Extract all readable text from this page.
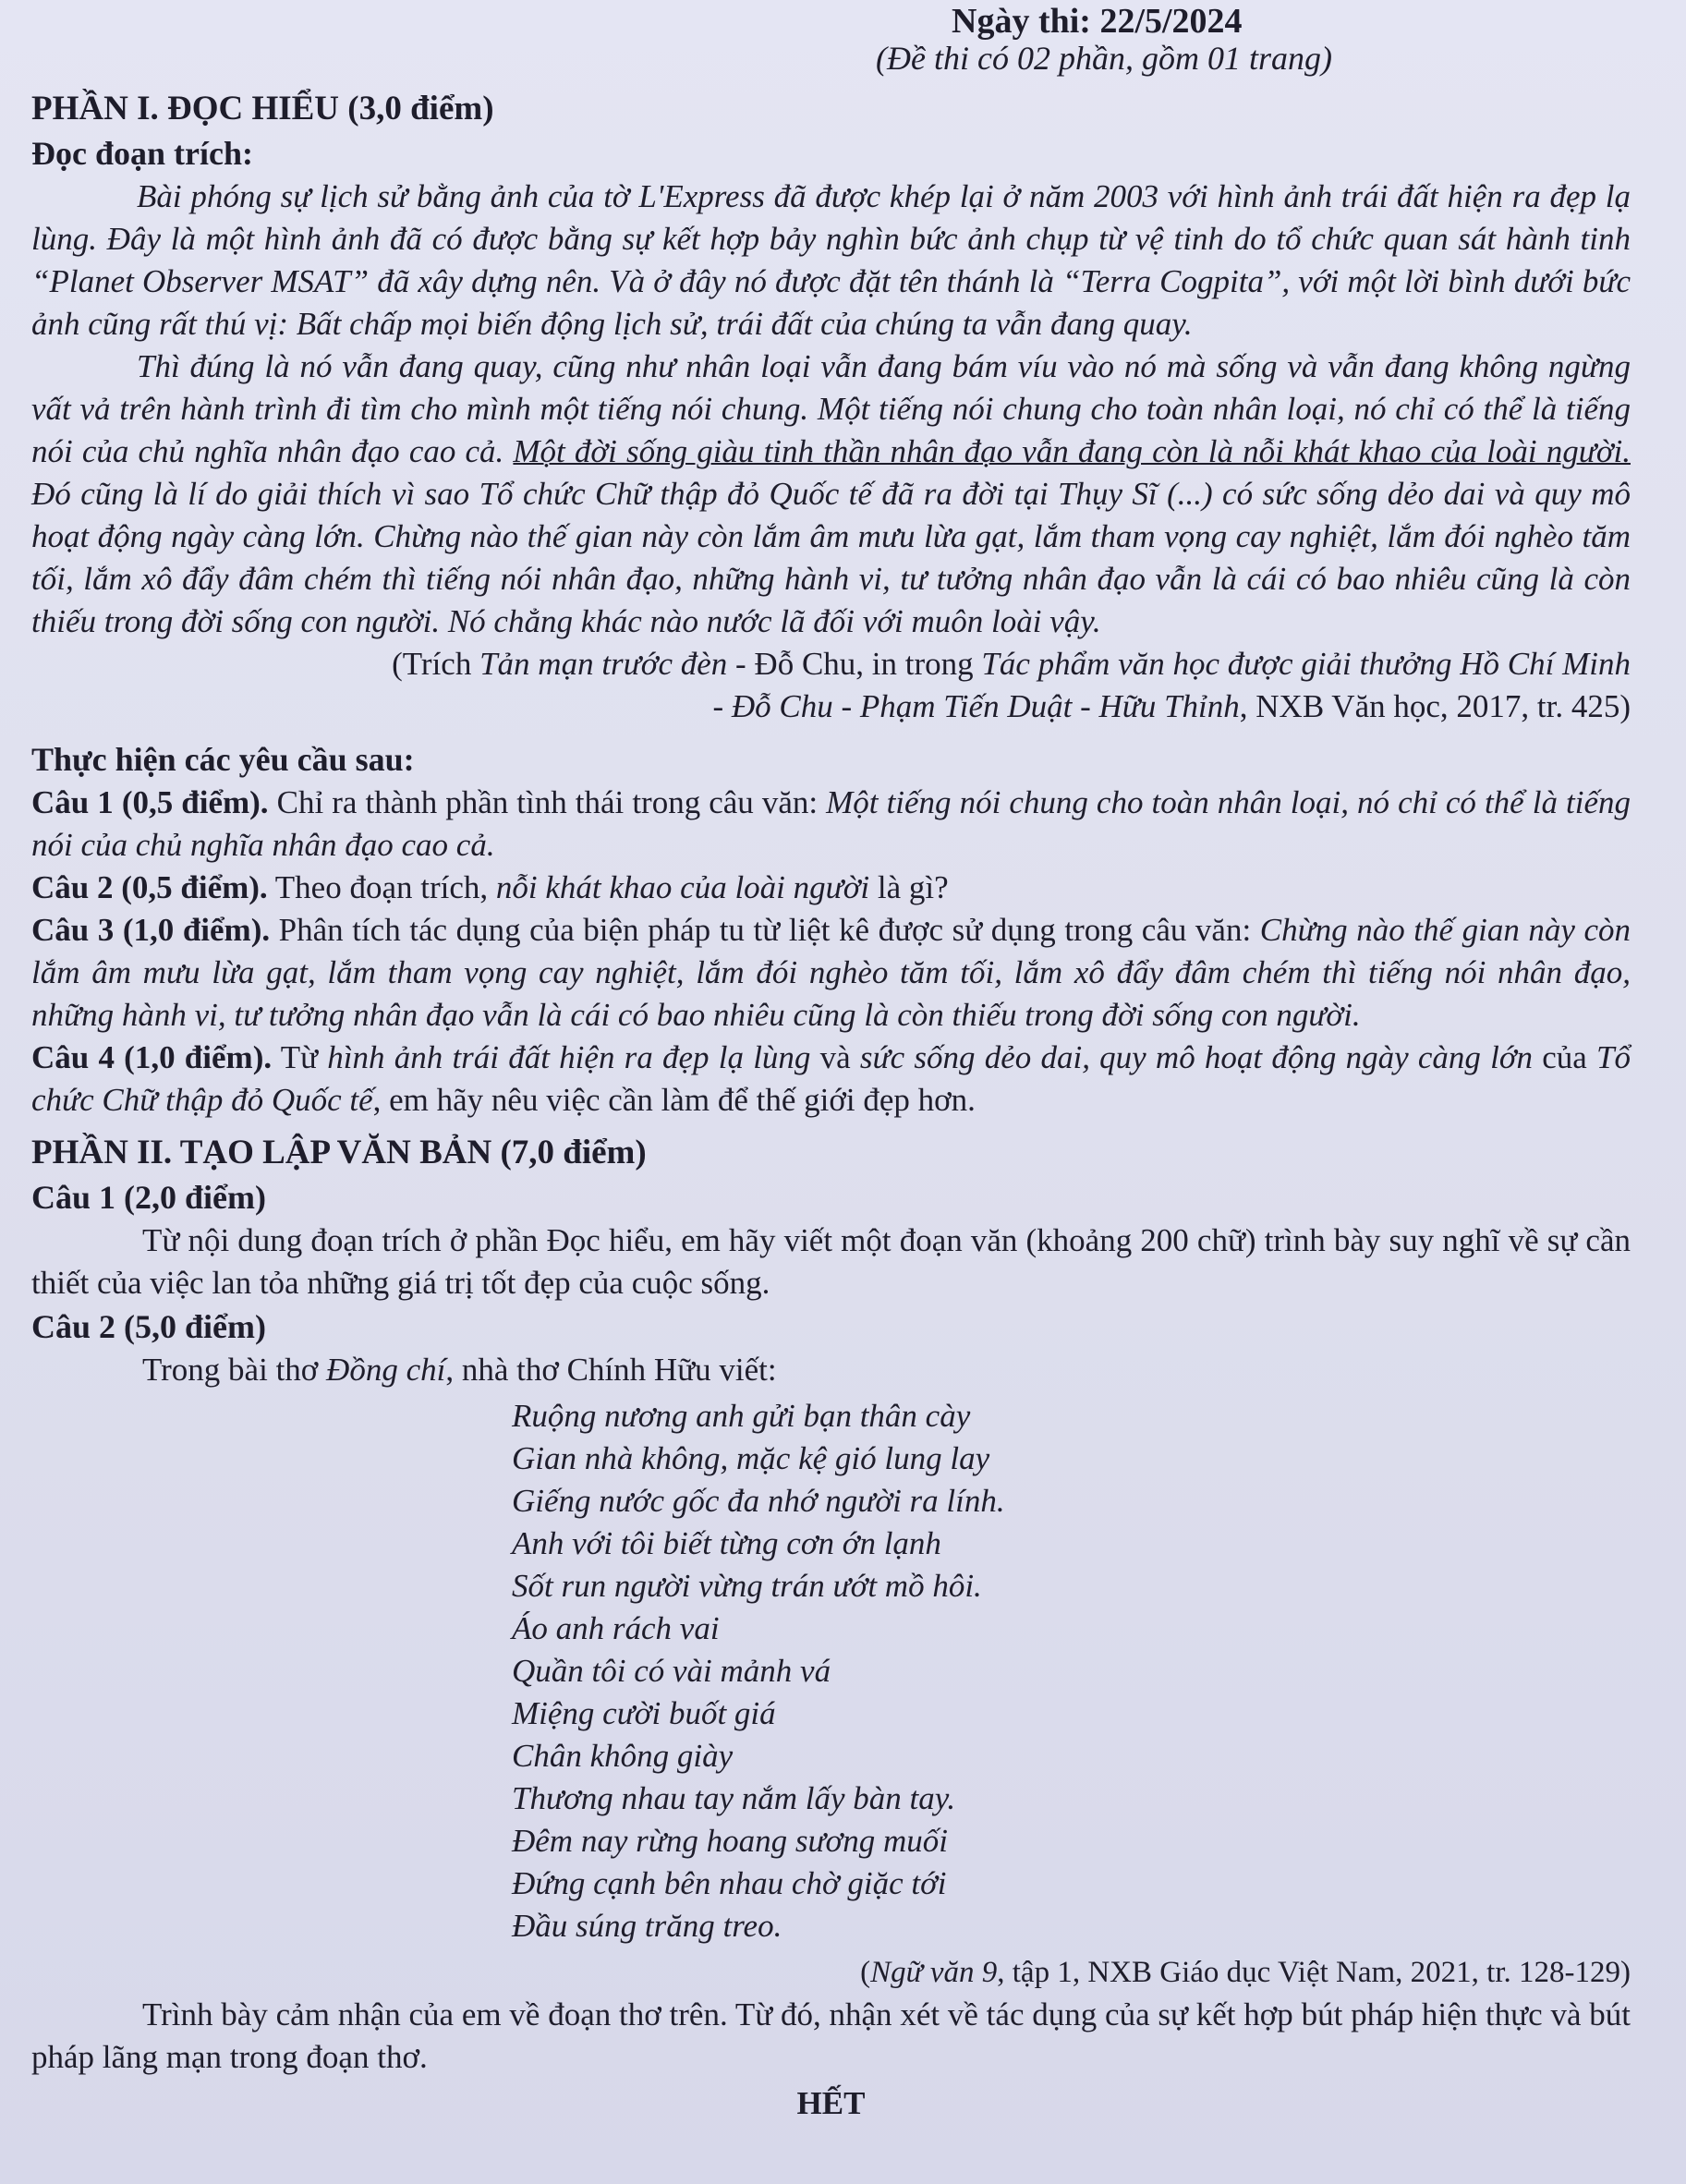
Ngày thi: 22/5/2024
(Đề thi có 02 phần, gồm 01 trang)
PHẦN I. ĐỌC HIỂU (3,0 điểm)
Đọc đoạn trích:

Bài phóng sự lịch sử bằng ảnh của tờ L'Express đã được khép lại ở năm 2003 với hình ảnh trái đất hiện ra đẹp lạ lùng. Đây là một hình ảnh đã có được bằng sự kết hợp bảy nghìn bức ảnh chụp từ vệ tinh do tổ chức quan sát hành tinh “Planet Observer MSAT” đã xây dựng nên. Và ở đây nó được đặt tên thánh là “Terra Cogpita”, với một lời bình dưới bức ảnh cũng rất thú vị: Bất chấp mọi biến động lịch sử, trái đất của chúng ta vẫn đang quay.

Thì đúng là nó vẫn đang quay, cũng như nhân loại vẫn đang bám víu vào nó mà sống và vẫn đang không ngừng vất vả trên hành trình đi tìm cho mình một tiếng nói chung. Một tiếng nói chung cho toàn nhân loại, nó chỉ có thể là tiếng nói của chủ nghĩa nhân đạo cao cả. Một đời sống giàu tinh thần nhân đạo vẫn đang còn là nỗi khát khao của loài người. Đó cũng là lí do giải thích vì sao Tổ chức Chữ thập đỏ Quốc tế đã ra đời tại Thụy Sĩ (...) có sức sống dẻo dai và quy mô hoạt động ngày càng lớn. Chừng nào thế gian này còn lắm âm mưu lừa gạt, lắm tham vọng cay nghiệt, lắm đói nghèo tăm tối, lắm xô đẩy đâm chém thì tiếng nói nhân đạo, những hành vi, tư tưởng nhân đạo vẫn là cái có bao nhiêu cũng là còn thiếu trong đời sống con người. Nó chẳng khác nào nước lã đối với muôn loài vậy.

(Trích Tản mạn trước đèn - Đỗ Chu, in trong Tác phẩm văn học được giải thưởng Hồ Chí Minh

- Đỗ Chu - Phạm Tiến Duật - Hữu Thỉnh, NXB Văn học, 2017, tr. 425)

Thực hiện các yêu cầu sau:

Câu 1 (0,5 điểm). Chỉ ra thành phần tình thái trong câu văn: Một tiếng nói chung cho toàn nhân loại, nó chỉ có thể là tiếng nói của chủ nghĩa nhân đạo cao cả.

Câu 2 (0,5 điểm). Theo đoạn trích, nỗi khát khao của loài người là gì?

Câu 3 (1,0 điểm). Phân tích tác dụng của biện pháp tu từ liệt kê được sử dụng trong câu văn: Chừng nào thế gian này còn lắm âm mưu lừa gạt, lắm tham vọng cay nghiệt, lắm đói nghèo tăm tối, lắm xô đẩy đâm chém thì tiếng nói nhân đạo, những hành vi, tư tưởng nhân đạo vẫn là cái có bao nhiêu cũng là còn thiếu trong đời sống con người.

Câu 4 (1,0 điểm). Từ hình ảnh trái đất hiện ra đẹp lạ lùng và sức sống dẻo dai, quy mô hoạt động ngày càng lớn của Tổ chức Chữ thập đỏ Quốc tế, em hãy nêu việc cần làm để thế giới đẹp hơn.

PHẦN II. TẠO LẬP VĂN BẢN (7,0 điểm)
Câu 1 (2,0 điểm)

Từ nội dung đoạn trích ở phần Đọc hiểu, em hãy viết một đoạn văn (khoảng 200 chữ) trình bày suy nghĩ về sự cần thiết của việc lan tỏa những giá trị tốt đẹp của cuộc sống.

Câu 2 (5,0 điểm)

Trong bài thơ Đồng chí, nhà thơ Chính Hữu viết:

Ruộng nương anh gửi bạn thân cày
Gian nhà không, mặc kệ gió lung lay
Giếng nước gốc đa nhớ người ra lính.
Anh với tôi biết từng cơn ớn lạnh
Sốt run người vừng trán ướt mồ hôi.
Áo anh rách vai
Quần tôi có vài mảnh vá
Miệng cười buốt giá
Chân không giày
Thương nhau tay nắm lấy bàn tay.
Đêm nay rừng hoang sương muối
Đứng cạnh bên nhau chờ giặc tới
Đầu súng trăng treo.

(Ngữ văn 9, tập 1, NXB Giáo dục Việt Nam, 2021, tr. 128-129)

Trình bày cảm nhận của em về đoạn thơ trên. Từ đó, nhận xét về tác dụng của sự kết hợp bút pháp hiện thực và bút pháp lãng mạn trong đoạn thơ.

HẾT
